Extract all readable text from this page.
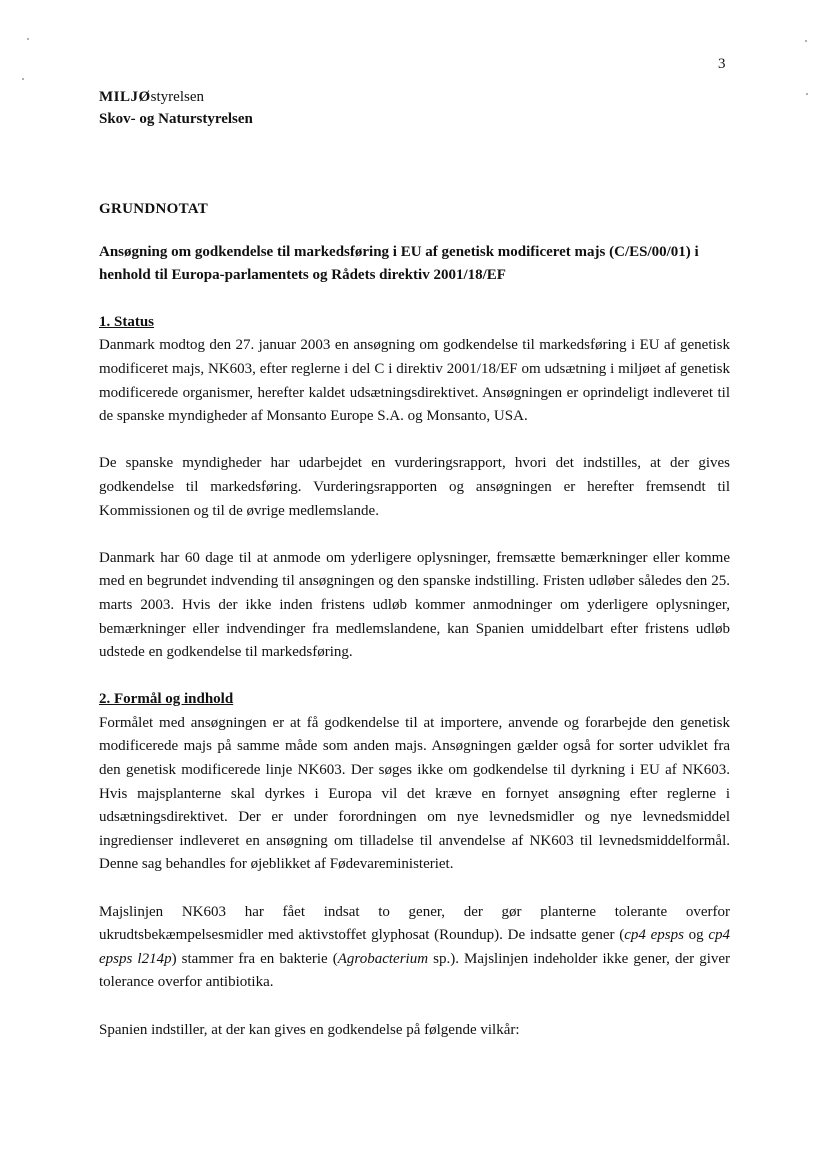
3
MILJØstyrelsen
Skov- og Naturstyrelsen
GRUNDNOTAT
Ansøgning om godkendelse til markedsføring i EU af genetisk modificeret majs (C/ES/00/01) i henhold til Europa-parlamentets og Rådets direktiv 2001/18/EF
1. Status

Danmark modtog den 27. januar 2003 en ansøgning om godkendelse til markedsføring i EU af genetisk modificeret majs, NK603, efter reglerne i del C i direktiv 2001/18/EF om udsætning i miljøet af genetisk modificerede organismer, herefter kaldet udsætningsdirektivet. Ansøgningen er oprindeligt indleveret til de spanske myndigheder af Monsanto Europe S.A. og Monsanto, USA.

De spanske myndigheder har udarbejdet en vurderingsrapport, hvori det indstilles, at der gives godkendelse til markedsføring. Vurderingsrapporten og ansøgningen er herefter fremsendt til Kommissionen og til de øvrige medlemslande.

Danmark har 60 dage til at anmode om yderligere oplysninger, fremsætte bemærkninger eller komme med en begrundet indvending til ansøgningen og den spanske indstilling. Fristen udløber således den 25. marts 2003. Hvis der ikke inden fristens udløb kommer anmodninger om yderligere oplysninger, bemærkninger eller indvendinger fra medlemslandene, kan Spanien umiddelbart efter fristens udløb udstede en godkendelse til markedsføring.

2. Formål og indhold

Formålet med ansøgningen er at få godkendelse til at importere, anvende og forarbejde den genetisk modificerede majs på samme måde som anden majs. Ansøgningen gælder også for sorter udviklet fra den genetisk modificerede linje NK603. Der søges ikke om godkendelse til dyrkning i EU af NK603. Hvis majsplanterne skal dyrkes i Europa vil det kræve en fornyet ansøgning efter reglerne i udsætningsdirektivet. Der er under forordningen om nye levnedsmidler og nye levnedsmiddel ingredienser indleveret en ansøgning om tilladelse til anvendelse af NK603 til levnedsmiddelformål. Denne sag behandles for øjeblikket af Fødevareministeriet.

Majslinjen NK603 har fået indsat to gener, der gør planterne tolerante overfor ukrudtsbekæmpelsesmidler med aktivstoffet glyphosat (Roundup). De indsatte gener (cp4 epsps og cp4 epsps l214p) stammer fra en bakterie (Agrobacterium sp.). Majslinjen indeholder ikke gener, der giver tolerance overfor antibiotika.

Spanien indstiller, at der kan gives en godkendelse på følgende vilkår:
